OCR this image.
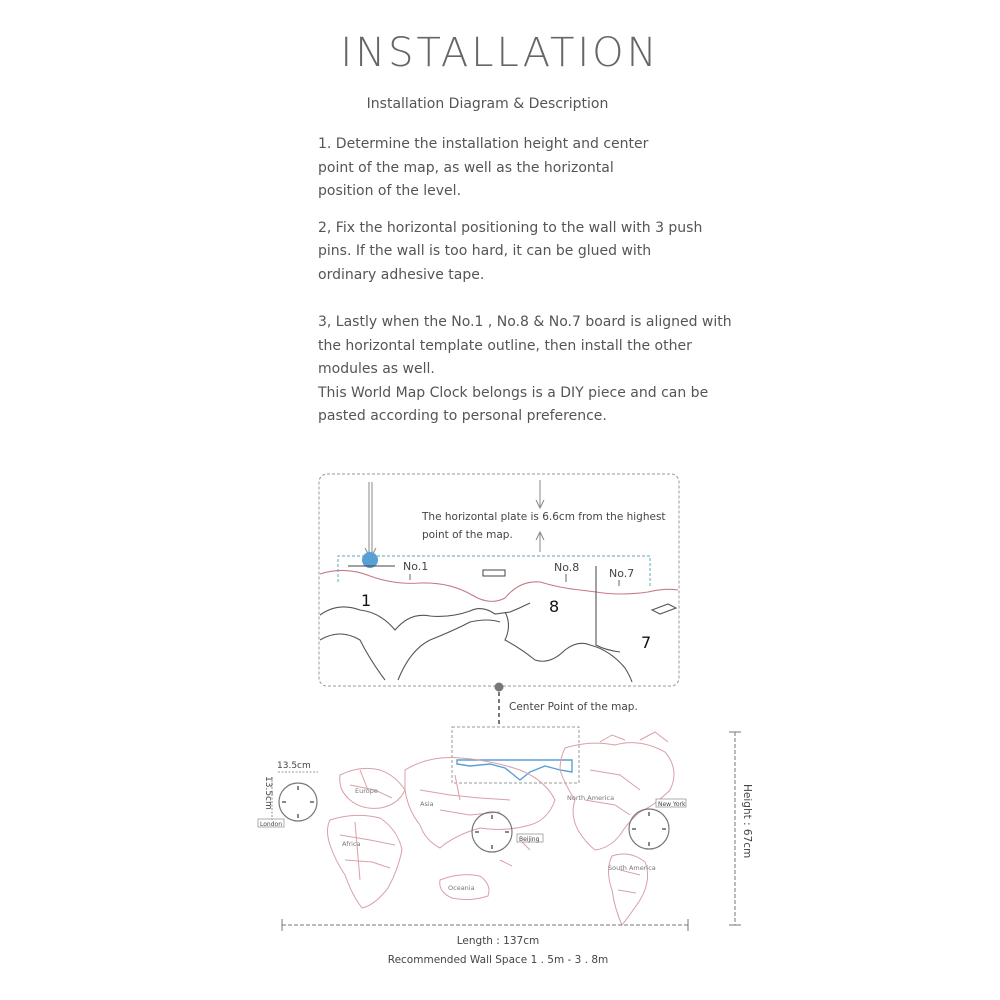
INSTALLATION
Installation Diagram & Description

1. Determine the installation height and center

point of the map, as well as the horizontal

position of the level.

2, Fix the horizontal positioning to the wall with 3 push

pins. If the wall is too hard, it can be glued with

ordinary adhesive tape.

3, Lastly when the No.1 , No.8 & No.7 board is aligned with

the horizontal template outline, then install the other

modules as well.

This World Map Clock belongs is a DIY piece and can be

pasted according to personal preference.

The horizontal plate is 6.6cm from the highest
point of the map.
No.1	No.8	No.7
1	8
7
Center Point of the map.
London
Beijing
New York
Europe
Asia
Africa
North America
South America
Oceania
13.5cm
13.5cm	Height : 67cm
Length : 137cm
Recommended Wall Space 1 . 5m - 3 . 8m
